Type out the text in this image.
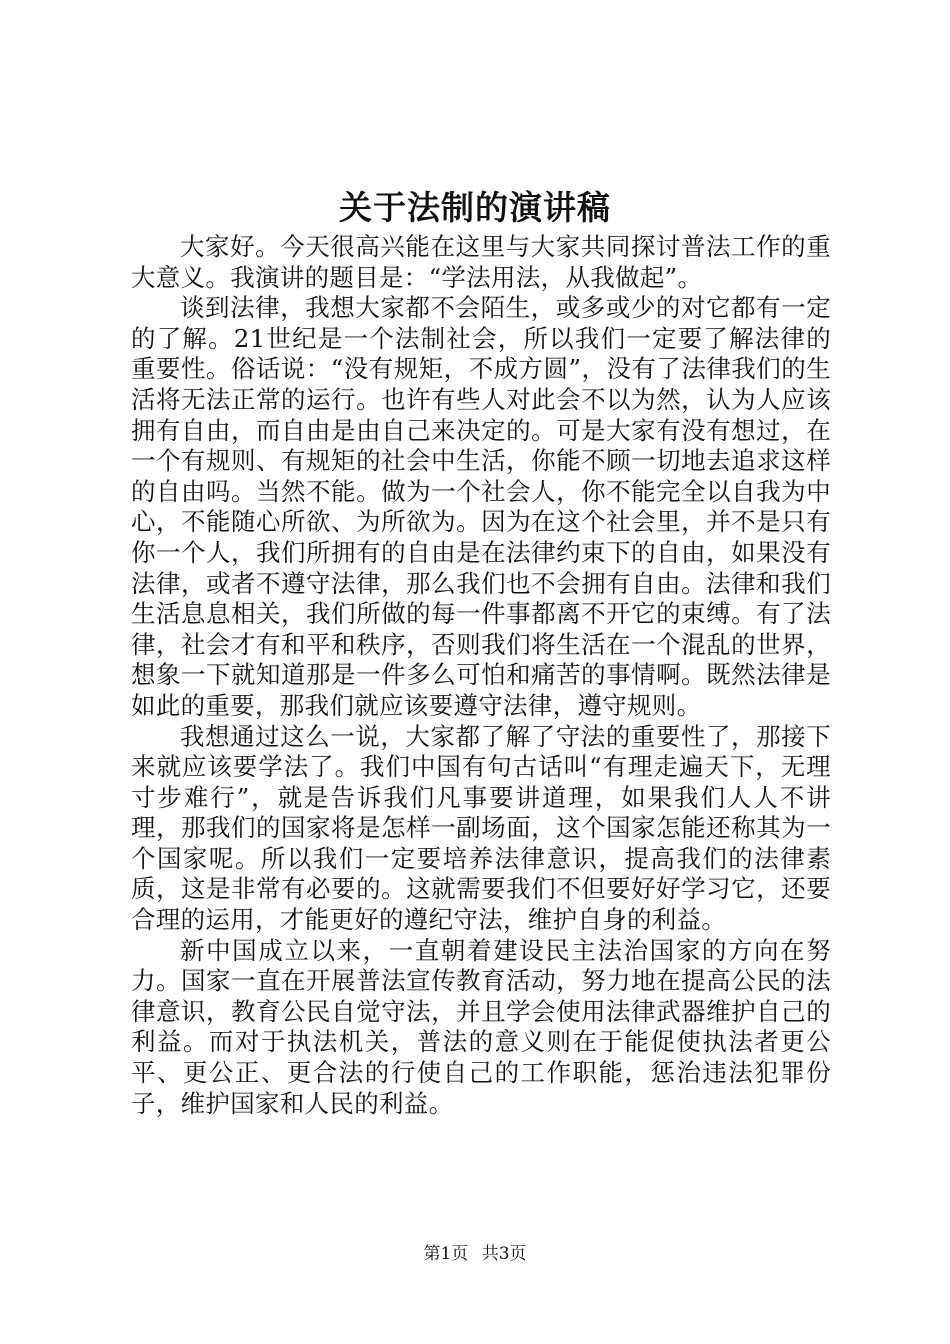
关于法制的演讲稿

大家好。今天很高兴能在这里与大家共同探讨普法工作的重大意义。我演讲的题目是：“学法用法，从我做起”。

谈到法律，我想大家都不会陌生，或多或少的对它都有一定的了解。21世纪是一个法制社会，所以我们一定要了解法律的重要性。俗话说：“没有规矩，不成方圆”，没有了法律我们的生活将无法正常的运行。也许有些人对此会不以为然，认为人应该拥有自由，而自由是由自己来决定的。可是大家有没有想过，在一个有规则、有规矩的社会中生活，你能不顾一切地去追求这样的自由吗。当然不能。做为一个社会人，你不能完全以自我为中心，不能随心所欲、为所欲为。因为在这个社会里，并不是只有你一个人，我们所拥有的自由是在法律约束下的自由，如果没有法律，或者不遵守法律，那么我们也不会拥有自由。法律和我们生活息息相关，我们所做的每一件事都离不开它的束缚。有了法律，社会才有和平和秩序，否则我们将生活在一个混乱的世界，想象一下就知道那是一件多么可怕和痛苦的事情啊。既然法律是如此的重要，那我们就应该要遵守法律，遵守规则。

我想通过这么一说，大家都了解了守法的重要性了，那接下来就应该要学法了。我们中国有句古话叫“有理走遍天下，无理寸步难行”，就是告诉我们凡事要讲道理，如果我们人人不讲理，那我们的国家将是怎样一副场面，这个国家怎能还称其为一个国家呢。所以我们一定要培养法律意识，提高我们的法律素质，这是非常有必要的。这就需要我们不但要好好学习它，还要合理的运用，才能更好的遵纪守法，维护自身的利益。

新中国成立以来，一直朝着建设民主法治国家的方向在努力。国家一直在开展普法宣传教育活动，努力地在提高公民的法律意识，教育公民自觉守法，并且学会使用法律武器维护自己的利益。而对于执法机关，普法的意义则在于能促使执法者更公平、更公正、更合法的行使自己的工作职能，惩治违法犯罪份子，维护国家和人民的利益。

第1页 共3页
